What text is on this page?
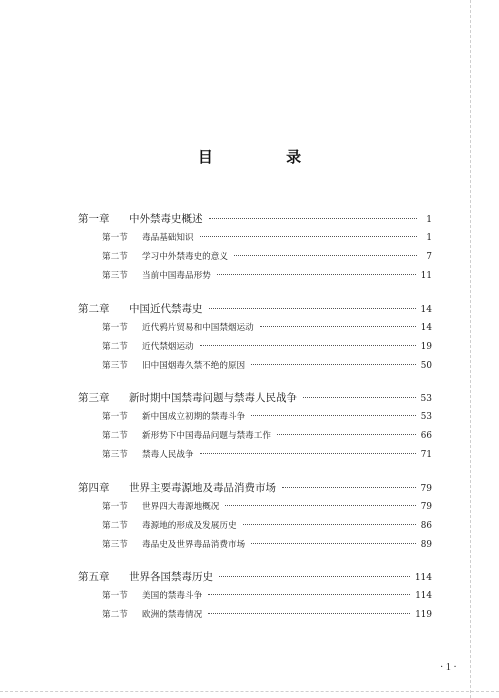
目 录
第一章	中外禁毒史概述	1
第一节	毒品基础知识	1
第二节	学习中外禁毒史的意义	7
第三节	当前中国毒品形势	11
第二章	中国近代禁毒史	14
第一节	近代鸦片贸易和中国禁烟运动	14
第二节	近代禁烟运动	19
第三节	旧中国烟毒久禁不绝的原因	50
第三章	新时期中国禁毒问题与禁毒人民战争	53
第一节	新中国成立初期的禁毒斗争	53
第二节	新形势下中国毒品问题与禁毒工作	66
第三节	禁毒人民战争	71
第四章	世界主要毒源地及毒品消费市场	79
第一节	世界四大毒源地概况	79
第二节	毒源地的形成及发展历史	86
第三节	毒品史及世界毒品消费市场	89
第五章	世界各国禁毒历史	114
第一节	美国的禁毒斗争	114
第二节	欧洲的禁毒情况	119
· 1 ·
